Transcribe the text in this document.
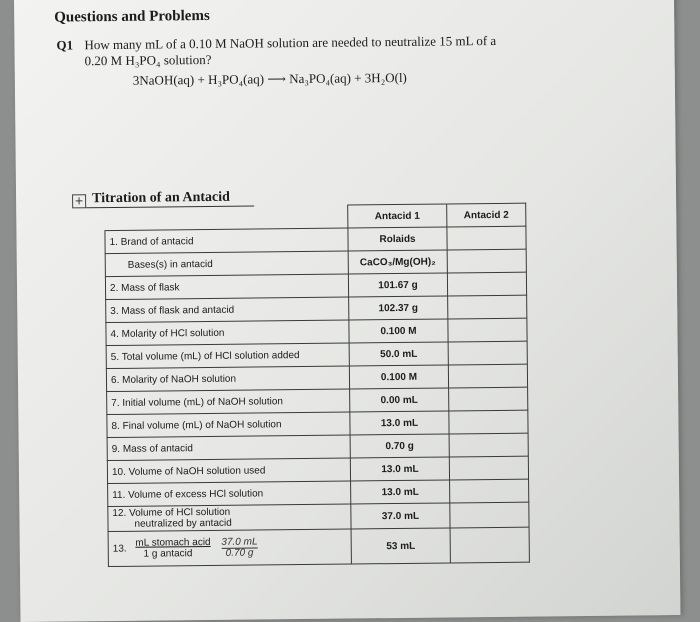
Questions and Problems
Q1 How many mL of a 0.10 M NaOH solution are needed to neutralize 15 mL of a
0.20 M H₃PO₄ solution?
3NaOH(aq) + H₃PO₄(aq) ⟶ Na₃PO₄(aq) + 3H₂O(l)
+ Titration of an Antacid
	Antacid 1	Antacid 2
1. Brand of antacid	Rolaids	
Bases(s) in antacid	CaCO₃/Mg(OH)₂	
2. Mass of flask	101.67 g	
3. Mass of flask and antacid	102.37 g	
4. Molarity of HCl solution	0.100 M	
5. Total volume (mL) of HCl solution added	50.0 mL	
6. Molarity of NaOH solution	0.100 M	
7. Initial volume (mL) of NaOH solution	0.00 mL	
8. Final volume (mL) of NaOH solution	13.0 mL	
9. Mass of antacid	0.70 g	
10. Volume of NaOH solution used	13.0 mL	
11. Volume of excess HCl solution	13.0 mL	
12. Volume of HCl solution
neutralized by antacid	37.0 mL	
13. $\frac{\text{mL stomach acid}}{\text{1 g antacid}}$
$\frac{37.0 mL}{0.70 g}$	53 mL	
